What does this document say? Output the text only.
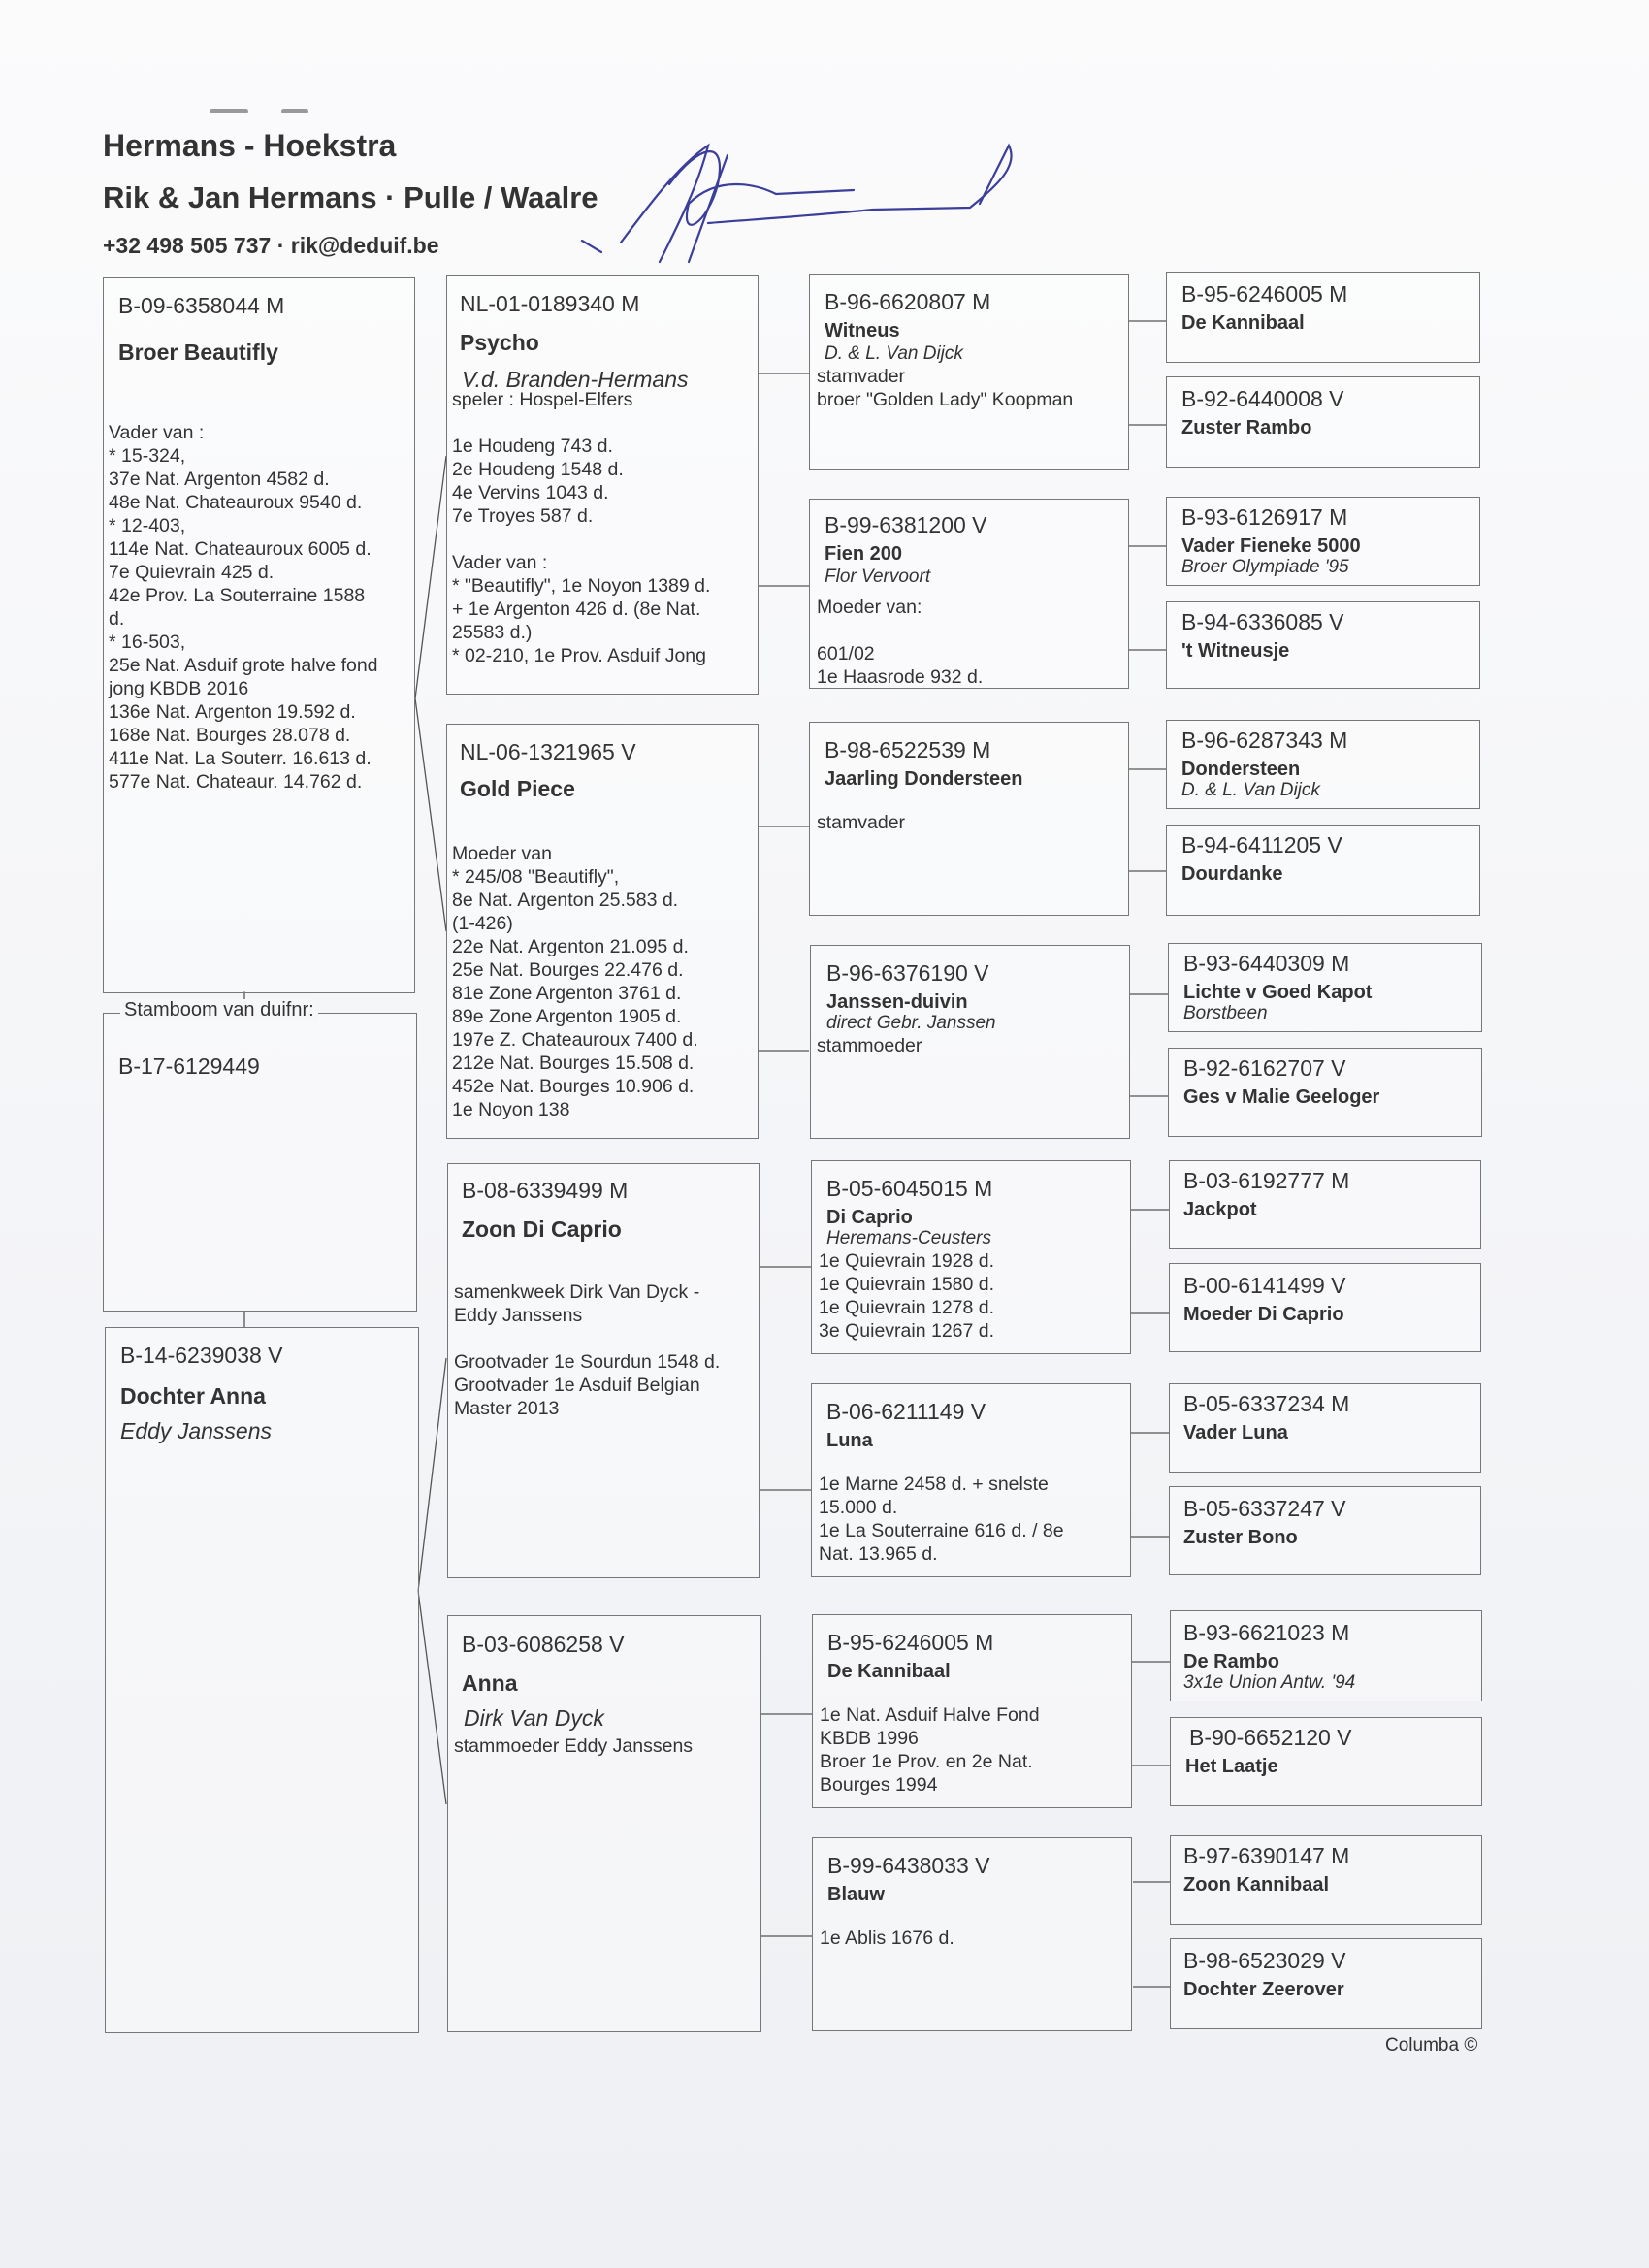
Hermans - Hoekstra
Rik & Jan Hermans · Pulle / Waalre
+32 498 505 737 · rik@deduif.be
B-09-6358044 M
Broer Beautifly
Vader van :
* 15-324,
37e Nat. Argenton 4582 d.
48e Nat. Chateauroux 9540 d.
* 12-403,
114e Nat. Chateauroux 6005 d.
7e Quievrain 425 d.
42e Prov. La Souterraine 1588
d.
* 16-503,
25e Nat. Asduif grote halve fond
jong KBDB 2016
136e Nat. Argenton 19.592 d.
168e Nat. Bourges 28.078 d.
411e Nat. La Souterr. 16.613 d.
577e Nat. Chateaur. 14.762 d.
Stamboom van duifnr:
B-17-6129449
B-14-6239038 V
Dochter Anna
Eddy Janssens
NL-01-0189340 M
Psycho
V.d. Branden-Hermans
speler : Hospel-Elfers

1e Houdeng 743 d.
2e Houdeng 1548 d.
4e Vervins 1043 d.
7e Troyes 587 d.

Vader van :
* "Beautifly", 1e Noyon 1389 d.
+ 1e Argenton 426 d. (8e Nat.
25583 d.)
* 02-210, 1e Prov. Asduif Jong
NL-06-1321965 V
Gold Piece
Moeder van
* 245/08 "Beautifly",
8e Nat. Argenton 25.583 d.
(1-426)
22e Nat. Argenton 21.095 d.
25e Nat. Bourges 22.476 d.
81e Zone Argenton 3761 d.
89e Zone Argenton 1905 d.
197e Z. Chateauroux 7400 d.
212e Nat. Bourges 15.508 d.
452e Nat. Bourges 10.906 d.
1e Noyon 138
B-08-6339499 M
Zoon Di Caprio
samenkweek Dirk Van Dyck -
Eddy Janssens

Grootvader 1e Sourdun 1548 d.
Grootvader 1e Asduif Belgian
Master 2013
B-03-6086258 V
Anna
Dirk Van Dyck
stammoeder Eddy Janssens
B-96-6620807 M
Witneus
D. & L. Van Dijck
stamvader
broer "Golden Lady" Koopman
B-99-6381200 V
Fien 200
Flor Vervoort
Moeder van:

601/02
1e Haasrode 932 d.
B-98-6522539 M
Jaarling Dondersteen
stamvader
B-96-6376190 V
Janssen-duivin
direct Gebr. Janssen
stammoeder
B-05-6045015 M
Di Caprio
Heremans-Ceusters
1e Quievrain 1928 d.
1e Quievrain 1580 d.
1e Quievrain 1278 d.
3e Quievrain 1267 d.
B-06-6211149 V
Luna
1e Marne 2458 d. + snelste
15.000 d.
1e La Souterraine 616 d. / 8e
Nat. 13.965 d.
B-95-6246005 M
De Kannibaal
1e Nat. Asduif Halve Fond
KBDB 1996
Broer 1e Prov. en 2e Nat.
Bourges 1994
B-99-6438033 V
Blauw
1e Ablis 1676 d.
B-95-6246005 M
De Kannibaal
B-92-6440008 V
Zuster Rambo
B-93-6126917 M
Vader Fieneke 5000
Broer Olympiade '95
B-94-6336085 V
't Witneusje
B-96-6287343 M
Dondersteen
D. & L. Van Dijck
B-94-6411205 V
Dourdanke
B-93-6440309 M
Lichte v Goed Kapot
Borstbeen
B-92-6162707 V
Ges v Malie Geeloger
B-03-6192777 M
Jackpot
B-00-6141499 V
Moeder Di Caprio
B-05-6337234 M
Vader Luna
B-05-6337247 V
Zuster Bono
B-93-6621023 M
De Rambo
3x1e Union Antw. '94
B-90-6652120 V
Het Laatje
B-97-6390147 M
Zoon Kannibaal
B-98-6523029 V
Dochter Zeerover
Columba ©
